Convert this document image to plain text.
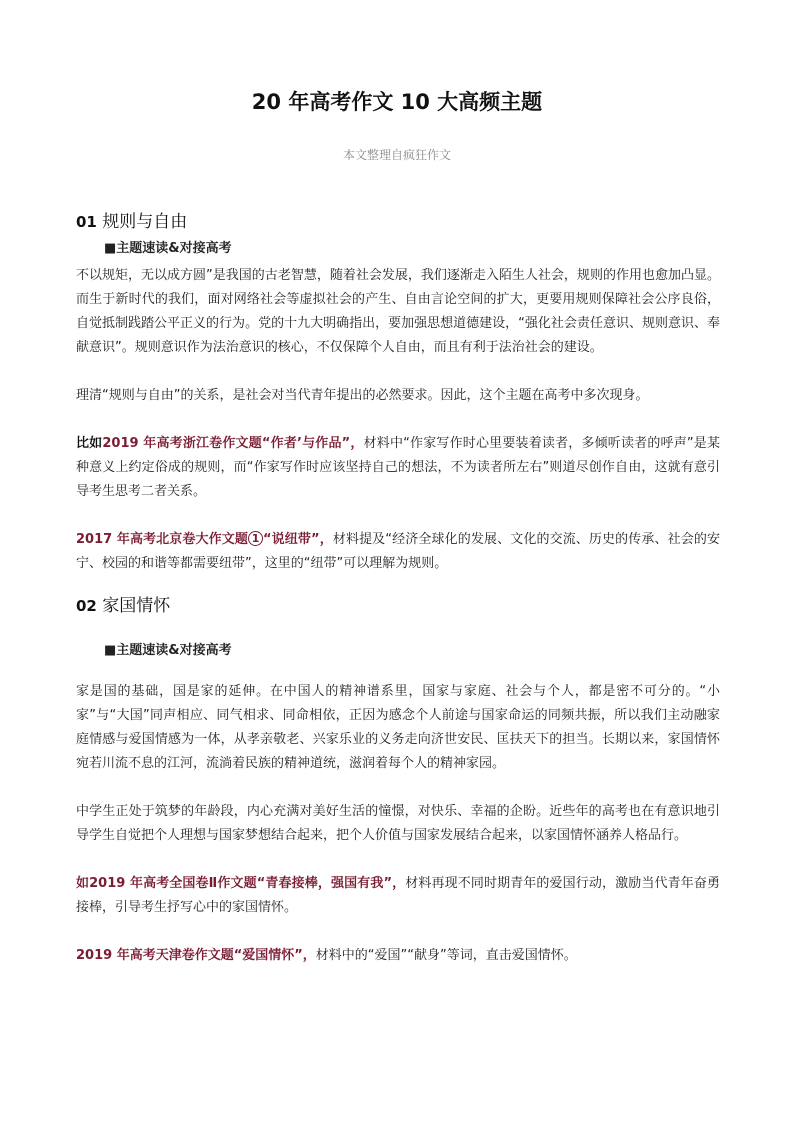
20 年高考作文 10 大高频主题
本文整理自疯狂作文
01 规则与自由
■主题速读&对接高考

不以规矩，无以成方圆”是我国的古老智慧，随着社会发展，我们逐渐走入陌生人社会，规则的作用也愈加凸显。而生于新时代的我们，面对网络社会等虚拟社会的产生、自由言论空间的扩大，更要用规则保障社会公序良俗，自觉抵制践踏公平正义的行为。党的十九大明确指出，要加强思想道德建设，“强化社会责任意识、规则意识、奉献意识”。规则意识作为法治意识的核心，不仅保障个人自由，而且有利于法治社会的建设。

理清“规则与自由”的关系，是社会对当代青年提出的必然要求。因此，这个主题在高考中多次现身。

比如2019 年高考浙江卷作文题“作者’与作品”，材料中“作家写作时心里要装着读者，多倾听读者的呼声”是某种意义上约定俗成的规则，而“作家写作时应该坚持自己的想法，不为读者所左右”则道尽创作自由，这就有意引导考生思考二者关系。

2017 年高考北京卷大作文题 1 “说纽带”，材料提及“经济全球化的发展、文化的交流、历史的传承、社会的安宁、校园的和谐等都需要纽带”，这里的“纽带”可以理解为规则。

02 家国情怀
■主题速读&对接高考

家是国的基础，国是家的延伸。在中国人的精神谱系里，国家与家庭、社会与个人，都是密不可分的。“小家”与“大国”同声相应、同气相求、同命相依，正因为感念个人前途与国家命运的同频共振，所以我们主动融家庭情感与爱国情感为一体，从孝亲敬老、兴家乐业的义务走向济世安民、匡扶天下的担当。长期以来，家国情怀宛若川流不息的江河，流淌着民族的精神道统，滋润着每个人的精神家园。

中学生正处于筑梦的年龄段，内心充满对美好生活的憧憬，对快乐、幸福的企盼。近些年的高考也在有意识地引导学生自觉把个人理想与国家梦想结合起来，把个人价值与国家发展结合起来，以家国情怀涵养人格品行。

如2019 年高考全国卷Ⅱ作文题“青春接棒，强国有我”，材料再现不同时期青年的爱国行动，激励当代青年奋勇接棒，引导考生抒写心中的家国情怀。

2019 年高考天津卷作文题“爱国情怀”，材料中的“爱国”“献身”等词，直击爱国情怀。
